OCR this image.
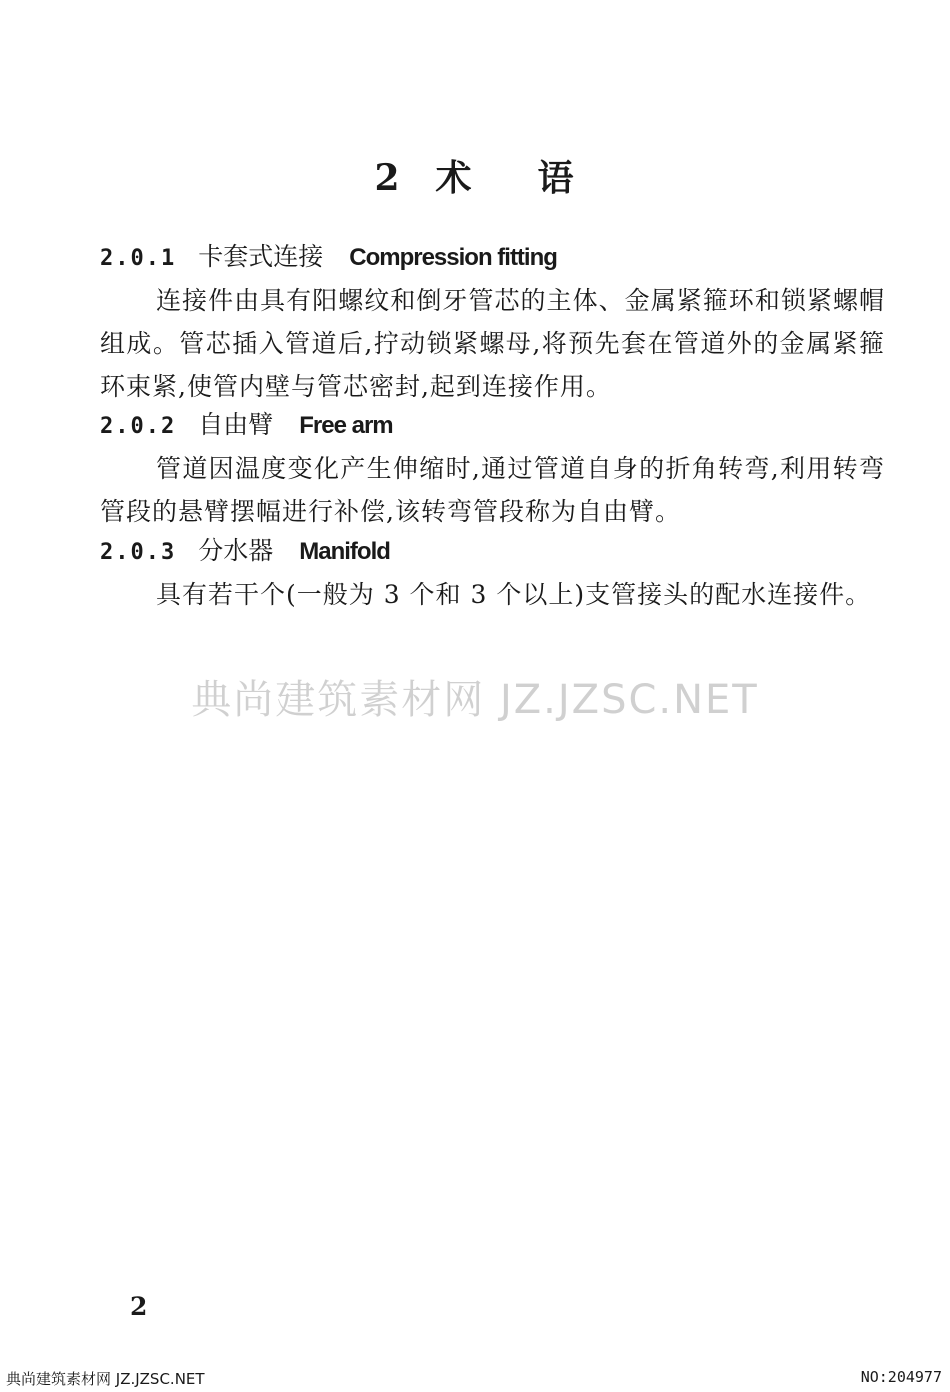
2 术 语
2.0.1 卡套式连接 Compression fitting
连接件由具有阳螺纹和倒牙管芯的主体、金属紧箍环和锁紧螺帽组成。管芯插入管道后,拧动锁紧螺母,将预先套在管道外的金属紧箍环束紧,使管内壁与管芯密封,起到连接作用。
2.0.2 自由臂 Free arm
管道因温度变化产生伸缩时,通过管道自身的折角转弯,利用转弯管段的悬臂摆幅进行补偿,该转弯管段称为自由臂。
2.0.3 分水器 Manifold
具有若干个(一般为 3 个和 3 个以上)支管接头的配水连接件。
典尚建筑素材网 JZ.JZSC.NET
2
典尚建筑素材网 JZ.JZSC.NET	NO:204977
